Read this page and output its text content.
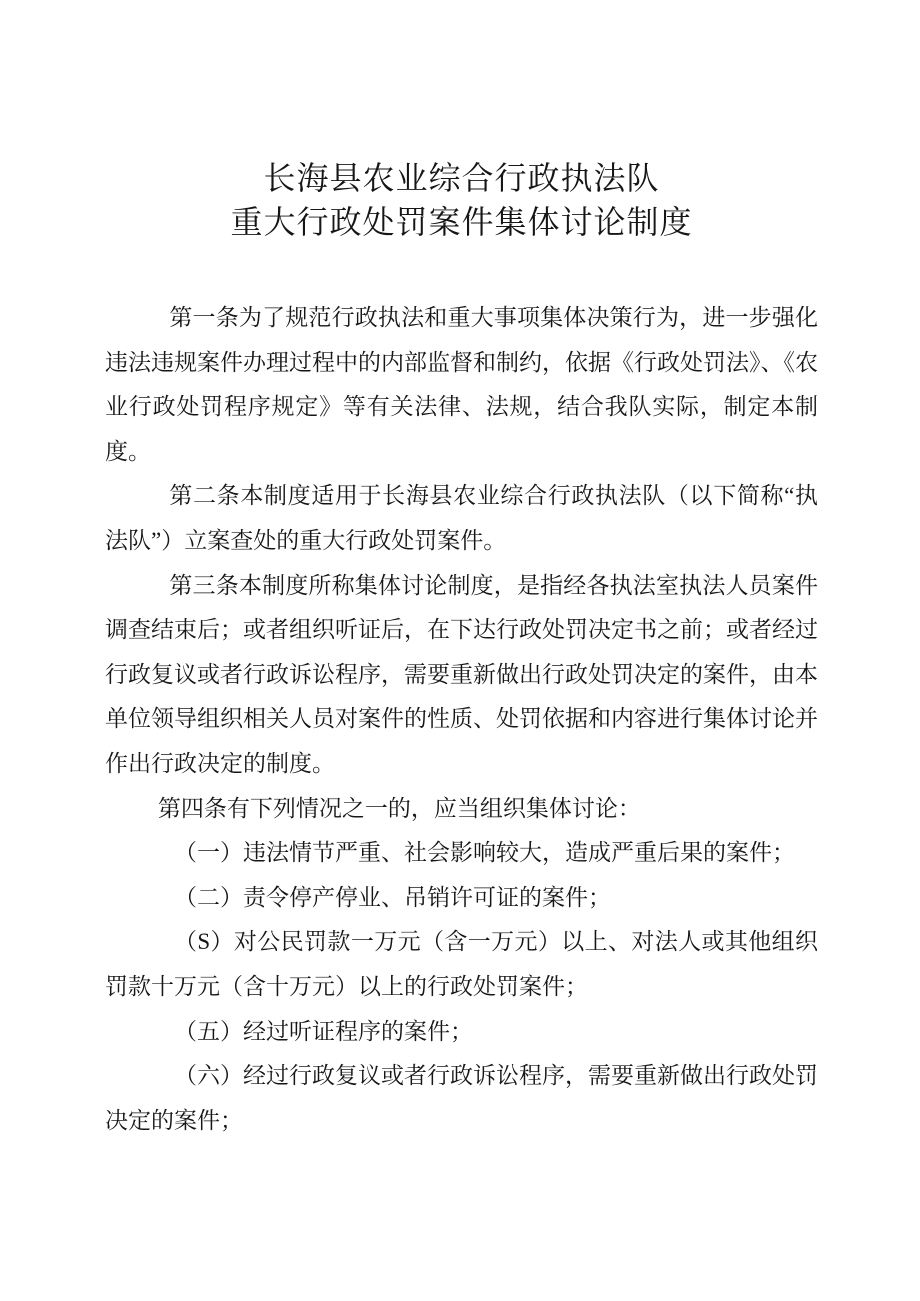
长海县农业综合行政执法队
重大行政处罚案件集体讨论制度

第一条为了规范行政执法和重大事项集体决策行为，进一步强化违法违规案件办理过程中的内部监督和制约，依据《行政处罚法》、《农业行政处罚程序规定》等有关法律、法规，结合我队实际，制定本制度。

第二条本制度适用于长海县农业综合行政执法队（以下简称“执法队”）立案查处的重大行政处罚案件。

第三条本制度所称集体讨论制度，是指经各执法室执法人员案件调查结束后；或者组织听证后，在下达行政处罚决定书之前；或者经过行政复议或者行政诉讼程序，需要重新做出行政处罚决定的案件，由本单位领导组织相关人员对案件的性质、处罚依据和内容进行集体讨论并作出行政决定的制度。

第四条有下列情况之一的，应当组织集体讨论：

（一）违法情节严重、社会影响较大，造成严重后果的案件；

（二）责令停产停业、吊销许可证的案件；

（S）对公民罚款一万元（含一万元）以上、对法人或其他组织罚款十万元（含十万元）以上的行政处罚案件；

（五）经过听证程序的案件；

（六）经过行政复议或者行政诉讼程序，需要重新做出行政处罚决定的案件；
